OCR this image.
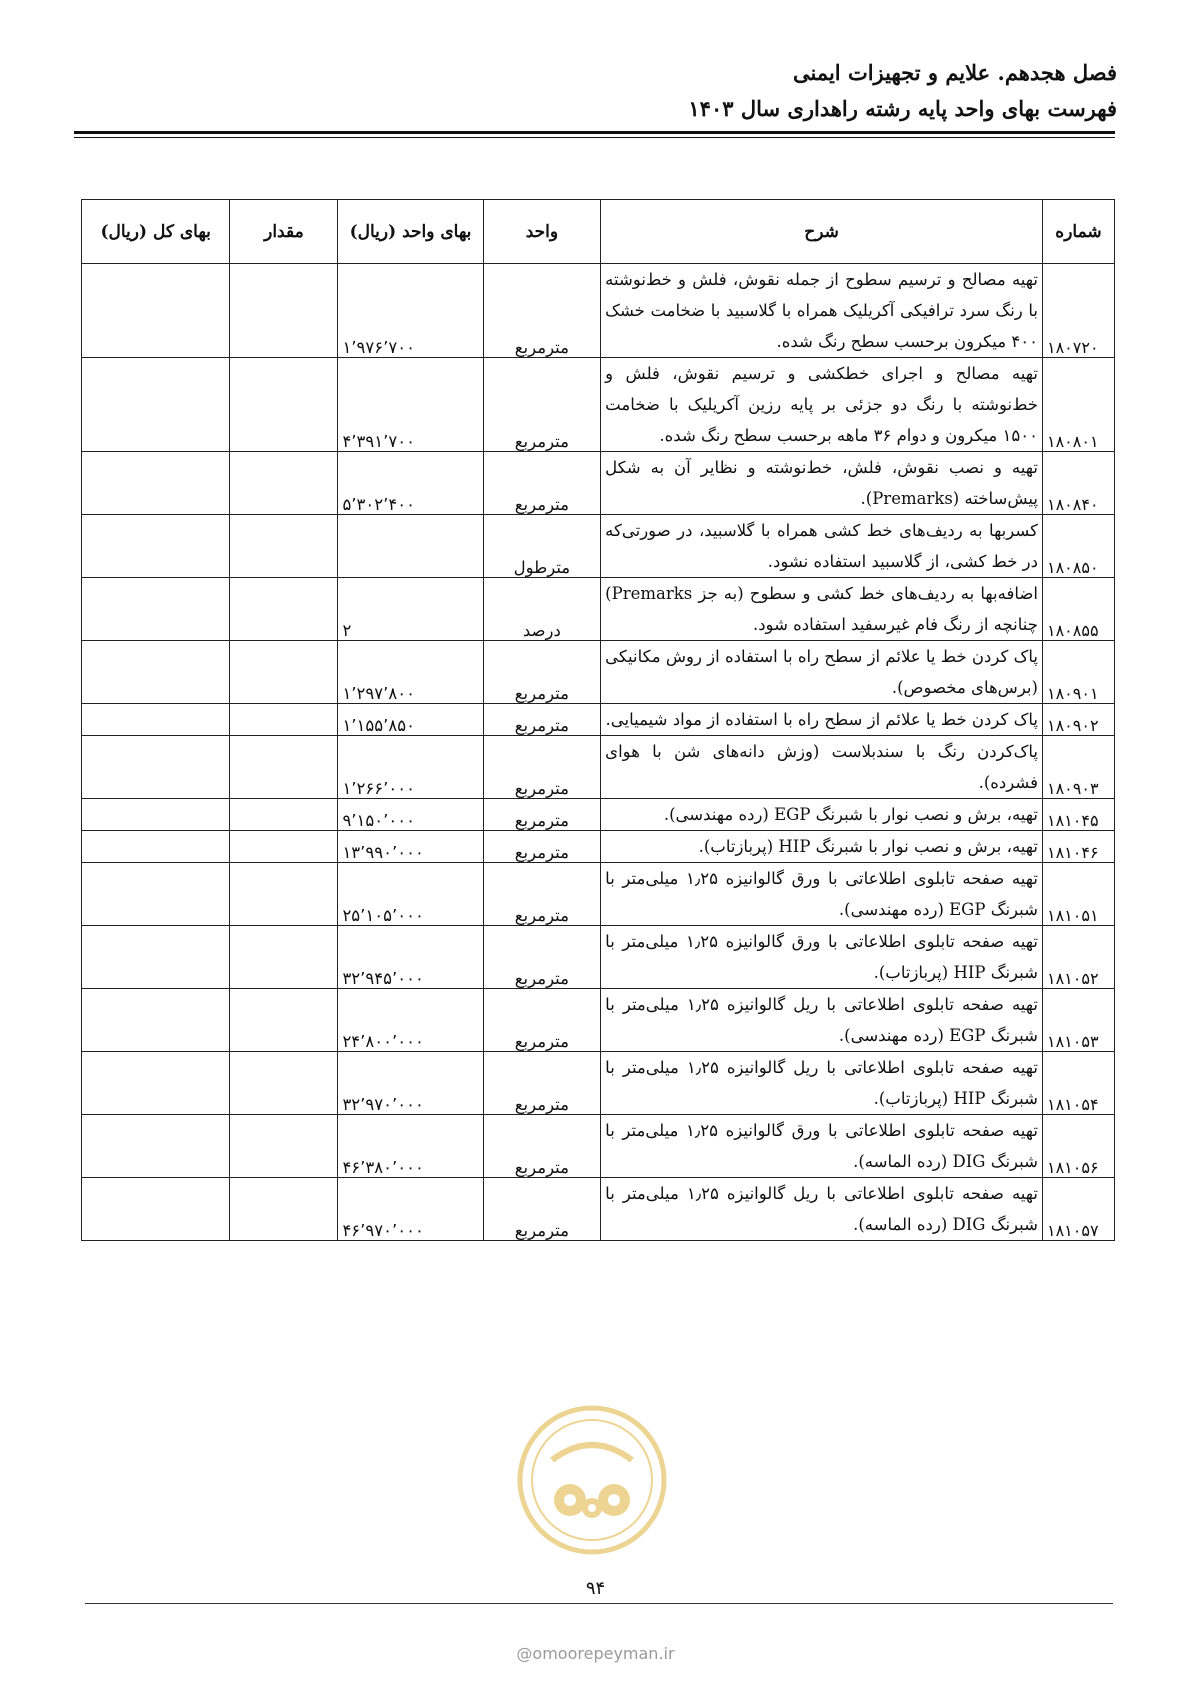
فصل هجدهم. علایم و تجهیزات ایمنی
فهرست بهای واحد پایه رشته راهداری سال ۱۴۰۳
شماره	شرح	واحد	بهای واحد (ریال)	مقدار	بهای کل (ریال)
۱۸۰۷۲۰	تهیه مصالح و ترسیم سطوح از جمله نقوش، فلش و خط‌نوشته با رنگ سرد ترافیکی آکریلیک همراه با گلاسبید با ضخامت خشک ۴۰۰ میکرون برحسب سطح رنگ شده.	مترمربع	۱٬۹۷۶٬۷۰۰		
۱۸۰۸۰۱	تهیه مصالح و اجرای خطکشی و ترسیم نقوش، فلش و خط‌نوشته با رنگ دو جزئی بر پایه رزین آکریلیک با ضخامت ۱۵۰۰ میکرون و دوام ۳۶ ماهه برحسب سطح رنگ شده.	مترمربع	۴٬۳۹۱٬۷۰۰		
۱۸۰۸۴۰	تهیه و نصب نقوش، فلش، خط‌نوشته و نظایر آن به شکل پیش‌ساخته (Premarks).	مترمربع	۵٬۳۰۲٬۴۰۰		
۱۸۰۸۵۰	کسربها به ردیف‌های خط کشی همراه با گلاسبید، در صورتی‌که در خط کشی، از گلاسبید استفاده نشود.	مترطول			
۱۸۰۸۵۵	اضافه‌بها به ردیف‌های خط کشی و سطوح (به جز Premarks) چنانچه از رنگ فام غیرسفید استفاده شود.	درصد	۲		
۱۸۰۹۰۱	پاک کردن خط یا علائم از سطح راه با استفاده از روش مکانیکی (برس‌های مخصوص).	مترمربع	۱٬۲۹۷٬۸۰۰		
۱۸۰۹۰۲	پاک کردن خط یا علائم از سطح راه با استفاده از مواد شیمیایی.	مترمربع	۱٬۱۵۵٬۸۵۰		
۱۸۰۹۰۳	پاک‌کردن رنگ با سندبلاست (وزش دانه‌های شن با هوای فشرده).	مترمربع	۱٬۲۶۶٬۰۰۰		
۱۸۱۰۴۵	تهیه، برش و نصب نوار با شبرنگ EGP (رده مهندسی).	مترمربع	۹٬۱۵۰٬۰۰۰		
۱۸۱۰۴۶	تهیه، برش و نصب نوار با شبرنگ HIP (پربازتاب).	مترمربع	۱۳٬۹۹۰٬۰۰۰		
۱۸۱۰۵۱	تهیه صفحه تابلوی اطلاعاتی با ورق گالوانیزه ۱٫۲۵ میلی‌متر با شبرنگ EGP (رده مهندسی).	مترمربع	۲۵٬۱۰۵٬۰۰۰		
۱۸۱۰۵۲	تهیه صفحه تابلوی اطلاعاتی با ورق گالوانیزه ۱٫۲۵ میلی‌متر با شبرنگ HIP (پربازتاب).	مترمربع	۳۲٬۹۴۵٬۰۰۰		
۱۸۱۰۵۳	تهیه صفحه تابلوی اطلاعاتی با ریل گالوانیزه ۱٫۲۵ میلی‌متر با شبرنگ EGP (رده مهندسی).	مترمربع	۲۴٬۸۰۰٬۰۰۰		
۱۸۱۰۵۴	تهیه صفحه تابلوی اطلاعاتی با ریل گالوانیزه ۱٫۲۵ میلی‌متر با شبرنگ HIP (پربازتاب).	مترمربع	۳۲٬۹۷۰٬۰۰۰		
۱۸۱۰۵۶	تهیه صفحه تابلوی اطلاعاتی با ورق گالوانیزه ۱٫۲۵ میلی‌متر با شبرنگ DIG (رده الماسه).	مترمربع	۴۶٬۳۸۰٬۰۰۰		
۱۸۱۰۵۷	تهیه صفحه تابلوی اطلاعاتی با ریل گالوانیزه ۱٫۲۵ میلی‌متر با شبرنگ DIG (رده الماسه).	مترمربع	۴۶٬۹۷۰٬۰۰۰		
۹۴
@omoorepeyman.ir
